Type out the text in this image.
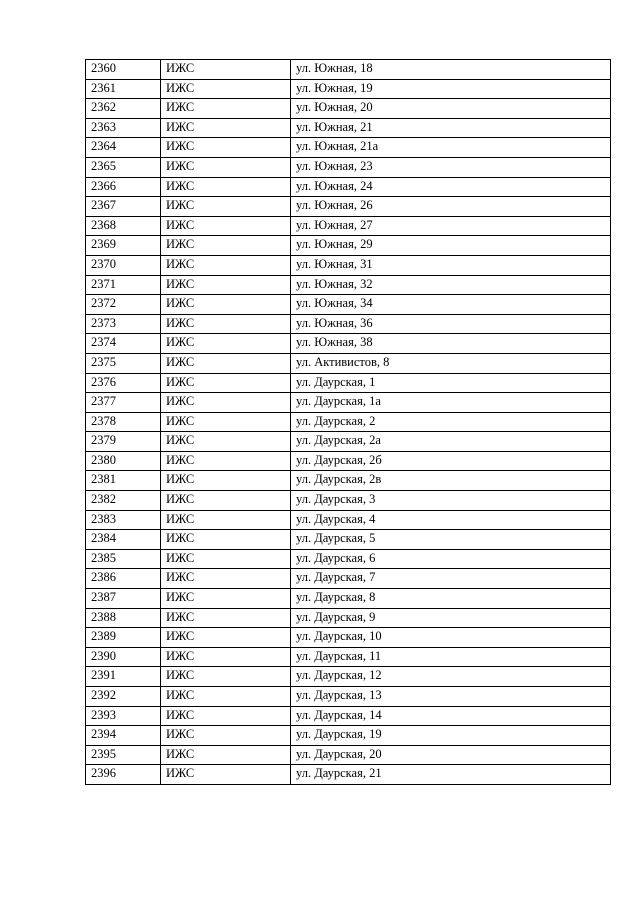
2360	ИЖС	ул. Южная, 18
2361	ИЖС	ул. Южная, 19
2362	ИЖС	ул. Южная, 20
2363	ИЖС	ул. Южная, 21
2364	ИЖС	ул. Южная, 21а
2365	ИЖС	ул. Южная, 23
2366	ИЖС	ул. Южная, 24
2367	ИЖС	ул. Южная, 26
2368	ИЖС	ул. Южная, 27
2369	ИЖС	ул. Южная, 29
2370	ИЖС	ул. Южная, 31
2371	ИЖС	ул. Южная, 32
2372	ИЖС	ул. Южная, 34
2373	ИЖС	ул. Южная, 36
2374	ИЖС	ул. Южная, 38
2375	ИЖС	ул. Активистов, 8
2376	ИЖС	ул. Даурская, 1
2377	ИЖС	ул. Даурская, 1а
2378	ИЖС	ул. Даурская, 2
2379	ИЖС	ул. Даурская, 2а
2380	ИЖС	ул. Даурская, 2б
2381	ИЖС	ул. Даурская, 2в
2382	ИЖС	ул. Даурская, 3
2383	ИЖС	ул. Даурская, 4
2384	ИЖС	ул. Даурская, 5
2385	ИЖС	ул. Даурская, 6
2386	ИЖС	ул. Даурская, 7
2387	ИЖС	ул. Даурская, 8
2388	ИЖС	ул. Даурская, 9
2389	ИЖС	ул. Даурская, 10
2390	ИЖС	ул. Даурская, 11
2391	ИЖС	ул. Даурская, 12
2392	ИЖС	ул. Даурская, 13
2393	ИЖС	ул. Даурская, 14
2394	ИЖС	ул. Даурская, 19
2395	ИЖС	ул. Даурская, 20
2396	ИЖС	ул. Даурская, 21
